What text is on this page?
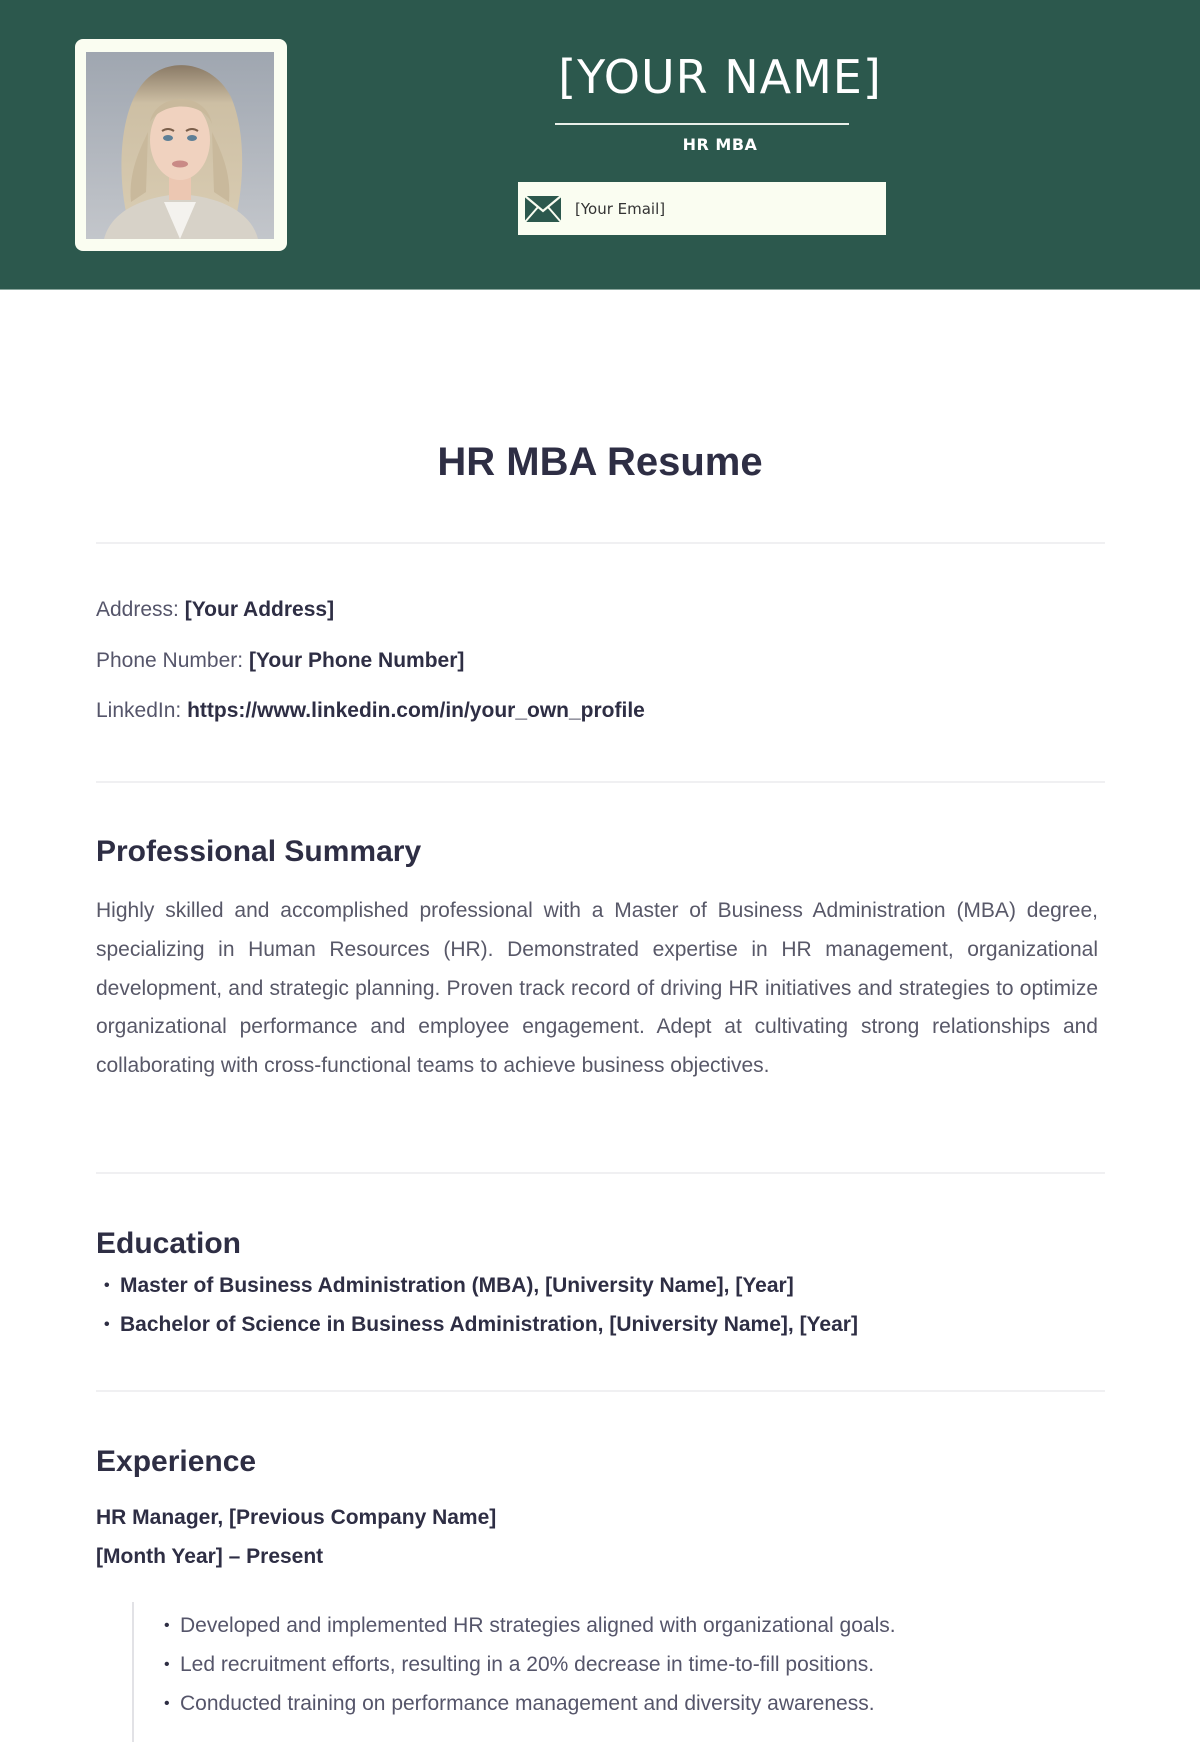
[YOUR NAME]
HR MBA
[Your Email]
HR MBA Resume
Address: [Your Address]
Phone Number: [Your Phone Number]
LinkedIn: https://www.linkedin.com/in/your_own_profile
Professional Summary

Highly skilled and accomplished professional with a Master of Business Administration (MBA) degree, specializing in Human Resources (HR). Demonstrated expertise in HR management, organizational development, and strategic planning. Proven track record of driving HR initiatives and strategies to optimize organizational performance and employee engagement. Adept at cultivating strong relationships and collaborating with cross-functional teams to achieve business objectives.

Education
• Master of Business Administration (MBA), [University Name], [Year]
• Bachelor of Science in Business Administration, [University Name], [Year]
Experience
HR Manager, [Previous Company Name]
[Month Year] – Present
• Developed and implemented HR strategies aligned with organizational goals.
• Led recruitment efforts, resulting in a 20% decrease in time-to-fill positions.
• Conducted training on performance management and diversity awareness.
